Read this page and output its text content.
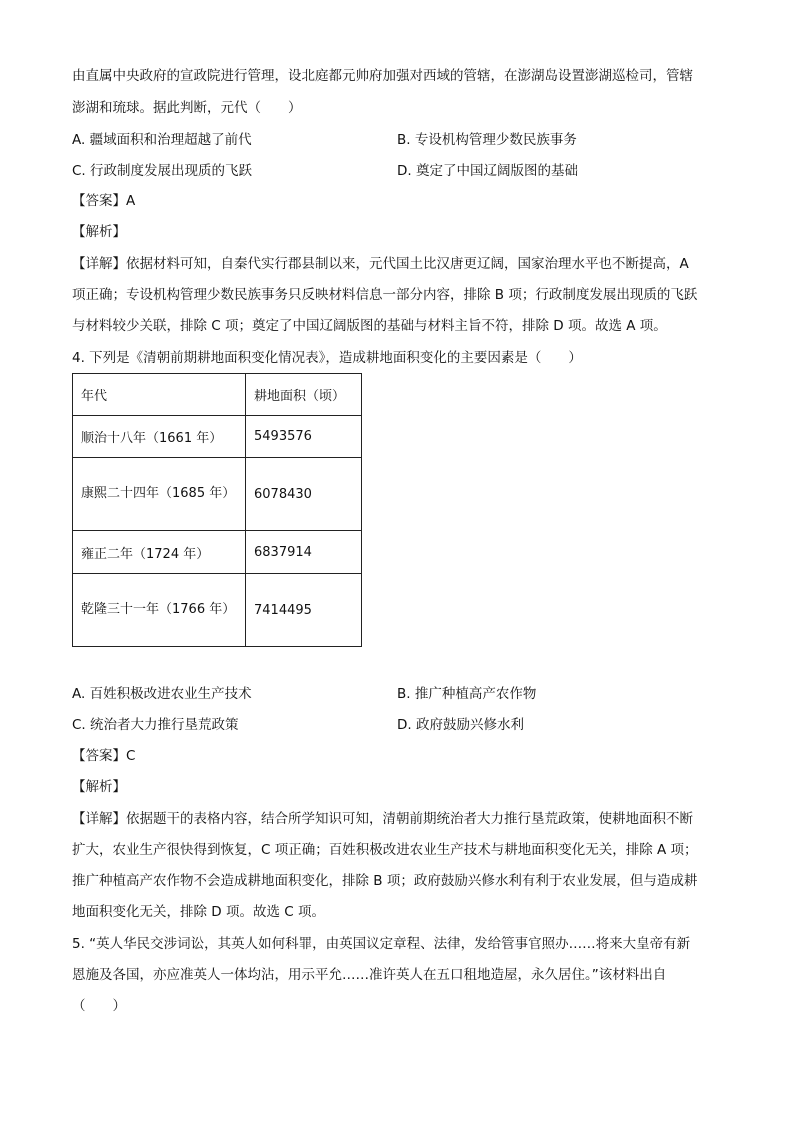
由直属中央政府的宣政院进行管理，设北庭都元帅府加强对西域的管辖，在澎湖岛设置澎湖巡检司，管辖
澎湖和琉球。据此判断，元代（　　）
A. 疆域面积和治理超越了前代	B. 专设机构管理少数民族事务
C. 行政制度发展出现质的飞跃	D. 奠定了中国辽阔版图的基础
【答案】A
【解析】
【详解】依据材料可知，自秦代实行郡县制以来，元代国土比汉唐更辽阔，国家治理水平也不断提高，A
项正确；专设机构管理少数民族事务只反映材料信息一部分内容，排除 B 项；行政制度发展出现质的飞跃
与材料较少关联，排除 C 项；奠定了中国辽阔版图的基础与材料主旨不符，排除 D 项。故选 A 项。
4. 下列是《清朝前期耕地面积变化情况表》，造成耕地面积变化的主要因素是（　　）
年代	耕地面积（顷）
顺治十八年（1661 年）	5493576
康熙二十四年（1685 年）	6078430
雍正二年（1724 年）	6837914
乾隆三十一年（1766 年）	7414495
A. 百姓积极改进农业生产技术	B. 推广种植高产农作物
C. 统治者大力推行垦荒政策	D. 政府鼓励兴修水利
【答案】C
【解析】
【详解】依据题干的表格内容，结合所学知识可知，清朝前期统治者大力推行垦荒政策，使耕地面积不断
扩大，农业生产很快得到恢复，C 项正确；百姓积极改进农业生产技术与耕地面积变化无关，排除 A 项；
推广种植高产农作物不会造成耕地面积变化，排除 B 项；政府鼓励兴修水利有利于农业发展，但与造成耕
地面积变化无关，排除 D 项。故选 C 项。
5. “英人华民交涉词讼，其英人如何科罪，由英国议定章程、法律，发给管事官照办……将来大皇帝有新
恩施及各国，亦应准英人一体均沾，用示平允……准许英人在五口租地造屋，永久居住。”该材料出自
（　　）
